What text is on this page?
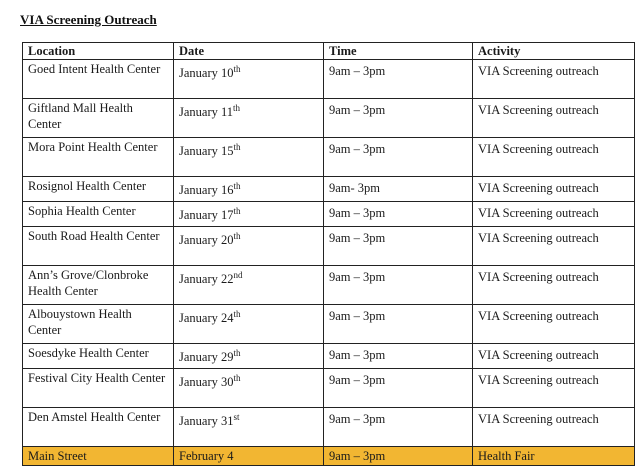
VIA Screening Outreach
Location	Date	Time	Activity
Goed Intent Health Center	January 10th	9am – 3pm	VIA Screening outreach
Giftland Mall Health Center	January 11th	9am – 3pm	VIA Screening outreach
Mora Point Health Center	January 15th	9am – 3pm	VIA Screening outreach
Rosignol Health Center	January 16th	9am- 3pm	VIA Screening outreach
Sophia Health Center	January 17th	9am – 3pm	VIA Screening outreach
South Road Health Center	January 20th	9am – 3pm	VIA Screening outreach
Ann’s Grove/Clonbroke Health Center	January 22nd	9am – 3pm	VIA Screening outreach
Albouystown Health Center	January 24th	9am – 3pm	VIA Screening outreach
Soesdyke Health Center	January 29th	9am – 3pm	VIA Screening outreach
Festival City Health Center	January 30th	9am – 3pm	VIA Screening outreach
Den Amstel Health Center	January 31st	9am – 3pm	VIA Screening outreach
Main Street	February 4	9am – 3pm	Health Fair
